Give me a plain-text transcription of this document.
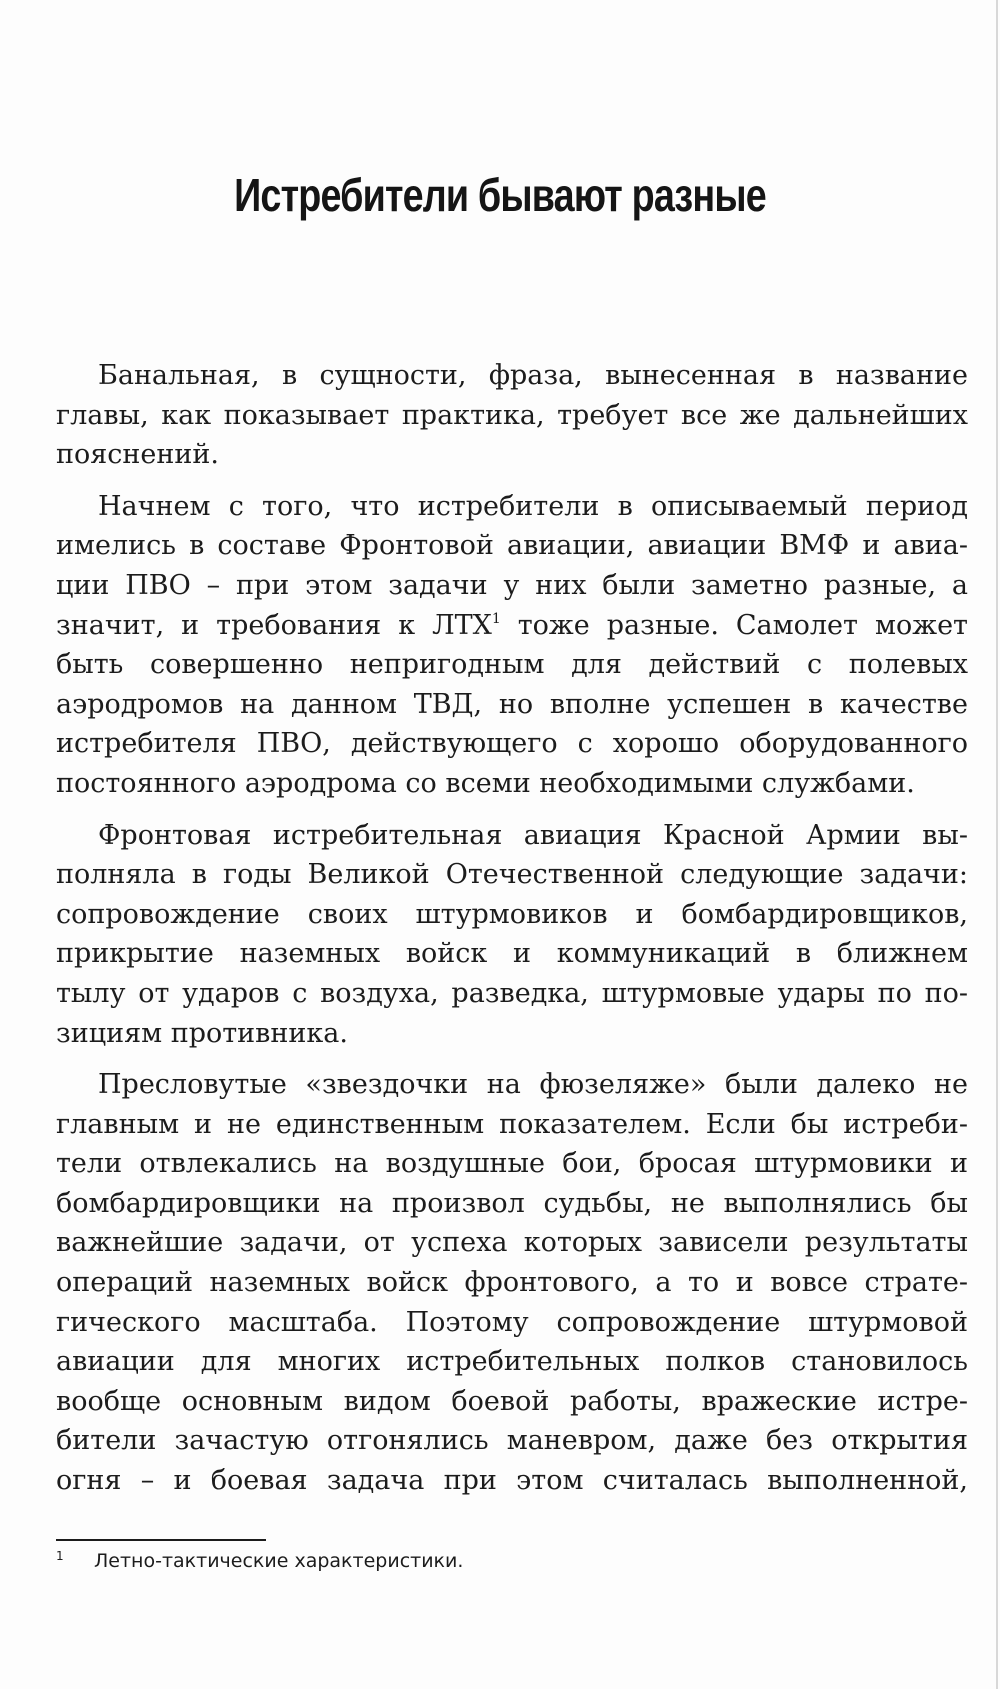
Истребители бывают разные

Банальная, в сущности, фраза, вынесенная в название
главы, как показывает практика, требует все же дальнейших
пояснений.

Начнем с того, что истребители в описываемый период
имелись в составе Фронтовой авиации, авиации ВМФ и авиа-
ции ПВО – при этом задачи у них были заметно разные, а
значит, и требования к ЛТХ$^1$ тоже разные. Самолет может
быть совершенно непригодным для действий с полевых
аэродромов на данном ТВД, но вполне успешен в качестве
истребителя ПВО, действующего с хорошо оборудованного
постоянного аэродрома со всеми необходимыми службами.

Фронтовая истребительная авиация Красной Армии вы-
полняла в годы Великой Отечественной следующие задачи:
сопровождение своих штурмовиков и бомбардировщиков,
прикрытие наземных войск и коммуникаций в ближнем
тылу от ударов с воздуха, разведка, штурмовые удары по по-
зициям противника.

Пресловутые «звездочки на фюзеляже» были далеко не
главным и не единственным показателем. Если бы истреби-
тели отвлекались на воздушные бои, бросая штурмовики и
бомбардировщики на произвол судьбы, не выполнялись бы
важнейшие задачи, от успеха которых зависели результаты
операций наземных войск фронтового, а то и вовсе страте-
гического масштаба. Поэтому сопровождение штурмовой
авиации для многих истребительных полков становилось
вообще основным видом боевой работы, вражеские истре-
бители зачастую отгонялись маневром, даже без открытия
огня – и боевая задача при этом считалась выполненной,

1 Летно-тактические характеристики.
